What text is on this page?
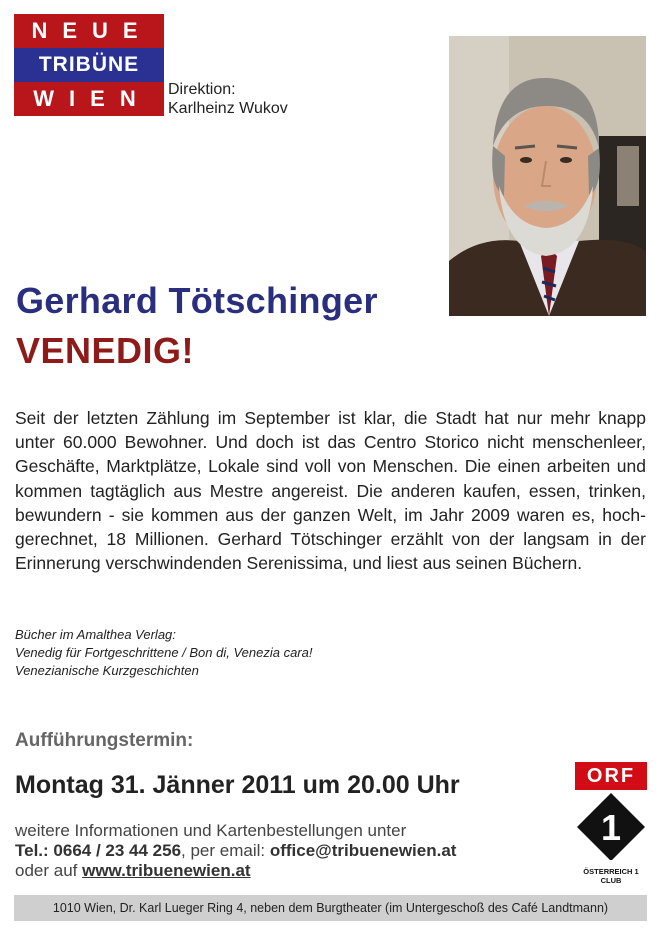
NEUE
TRIBÜNE
WIEN	Direktion:
Karlheinz Wukov
Gerhard Tötschinger
VENEDIG!
Seit der letzten Zählung im September ist klar, die Stadt hat nur mehr knapp unter 60.000 Bewohner. Und doch ist das Centro Storico nicht menschenleer, Geschäfte, Marktplätze, Lokale sind voll von Menschen. Die einen arbeiten und kommen tagtäglich aus Mestre angereist. Die anderen kaufen, essen, trinken, bewundern - sie kommen aus der ganzen Welt, im Jahr 2009 waren es, hoch-gerechnet, 18 Millionen. Gerhard Tötschinger erzählt von der langsam in der Erinnerung verschwindenden Serenissima, und liest aus seinen Büchern.
Bücher im Amalthea Verlag:
Venedig für Fortgeschrittene / Bon di, Venezia cara!
Venezianische Kurzgeschichten
Aufführungstermin:
Montag 31. Jänner 2011 um 20.00 Uhr
weitere Informationen und Kartenbestellungen unter
Tel.: 0664 / 23 44 256, per email: office@tribuenewien.at
oder auf www.tribuenewien.at
ORF
1
ÖSTERREICH 1
CLUB
1010 Wien, Dr. Karl Lueger Ring 4, neben dem Burgtheater (im Untergeschoß des Café Landtmann)
